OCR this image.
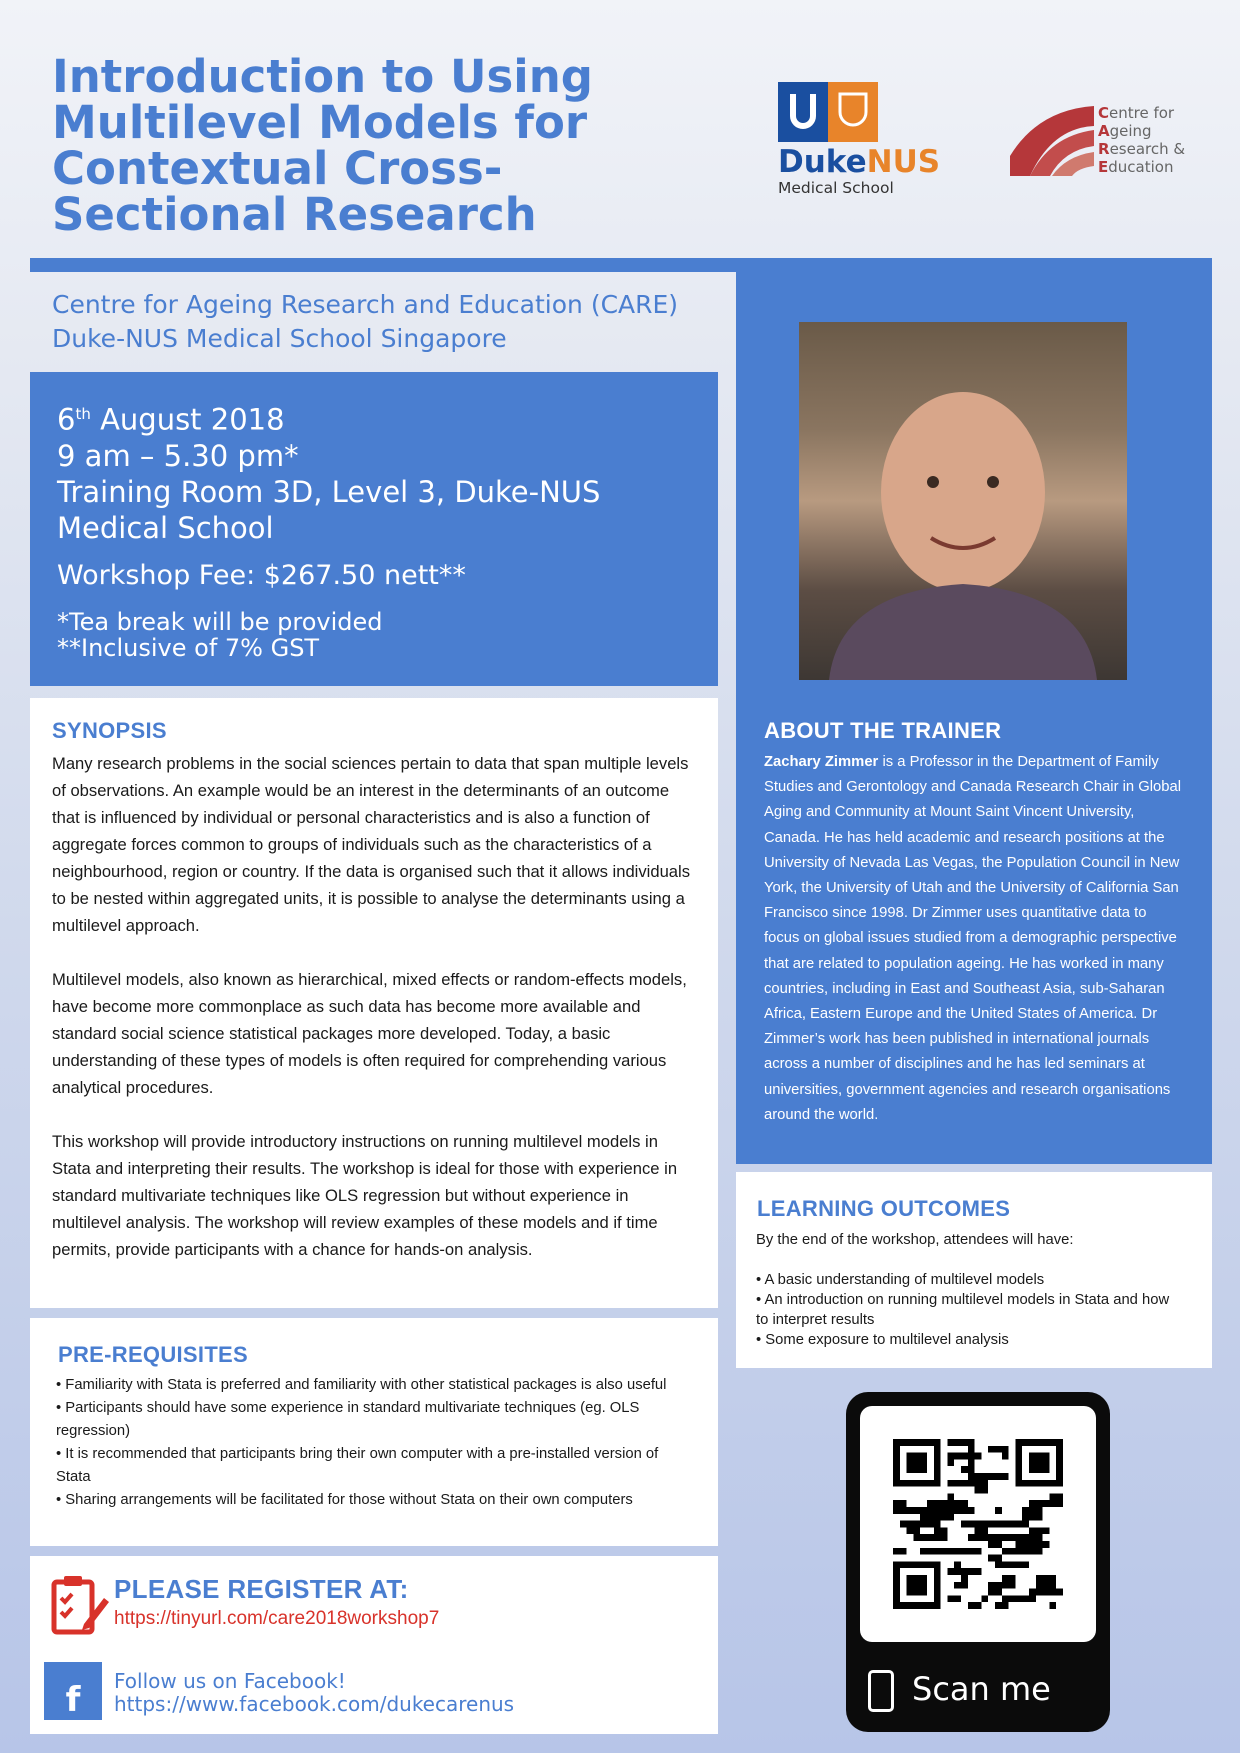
Introduction to Using Multilevel Models for Contextual Cross-Sectional Research
DukeNUS
Medical School
Centre for
Ageing
Research &
Education
Centre for Ageing Research and Education (CARE)
Duke-NUS Medical School Singapore
6th August 2018
9 am – 5.30 pm*
Training Room 3D, Level 3, Duke-NUS Medical School
Workshop Fee: $267.50 nett**
*Tea break will be provided
**Inclusive of 7% GST
SYNOPSIS

Many research problems in the social sciences pertain to data that span multiple levels of observations. An example would be an interest in the determinants of an outcome that is influenced by individual or personal characteristics and is also a function of aggregate forces common to groups of individuals such as the characteristics of a neighbourhood, region or country. If the data is organised such that it allows individuals to be nested within aggregated units, it is possible to analyse the determinants using a multilevel approach.

Multilevel models, also known as hierarchical, mixed effects or random-effects models, have become more commonplace as such data has become more available and standard social science statistical packages more developed. Today, a basic understanding of these types of models is often required for comprehending various analytical procedures.

This workshop will provide introductory instructions on running multilevel models in Stata and interpreting their results. The workshop is ideal for those with experience in standard multivariate techniques like OLS regression but without experience in multilevel analysis. The workshop will review examples of these models and if time permits, provide participants with a chance for hands-on analysis.

ABOUT THE TRAINER
Zachary Zimmer is a Professor in the Department of Family Studies and Gerontology and Canada Research Chair in Global Aging and Community at Mount Saint Vincent University, Canada. He has held academic and research positions at the University of Nevada Las Vegas, the Population Council in New York, the University of Utah and the University of California San Francisco since 1998. Dr Zimmer uses quantitative data to focus on global issues studied from a demographic perspective that are related to population ageing. He has worked in many countries, including in East and Southeast Asia, sub-Saharan Africa, Eastern Europe and the United States of America. Dr Zimmer’s work has been published in international journals across a number of disciplines and he has led seminars at universities, government agencies and research organisations around the world.
LEARNING OUTCOMES
By the end of the workshop, attendees will have:
• A basic understanding of multilevel models
• An introduction on running multilevel models in Stata and how to interpret results
• Some exposure to multilevel analysis
PRE-REQUISITES
• Familiarity with Stata is preferred and familiarity with other statistical packages is also useful
• Participants should have some experience in standard multivariate techniques (eg. OLS regression)
• It is recommended that participants bring their own computer with a pre-installed version of Stata
• Sharing arrangements will be facilitated for those without Stata on their own computers
PLEASE REGISTER AT:
https://tinyurl.com/care2018workshop7
f	Follow us on Facebook!
https://www.facebook.com/dukecarenus	Scan me
